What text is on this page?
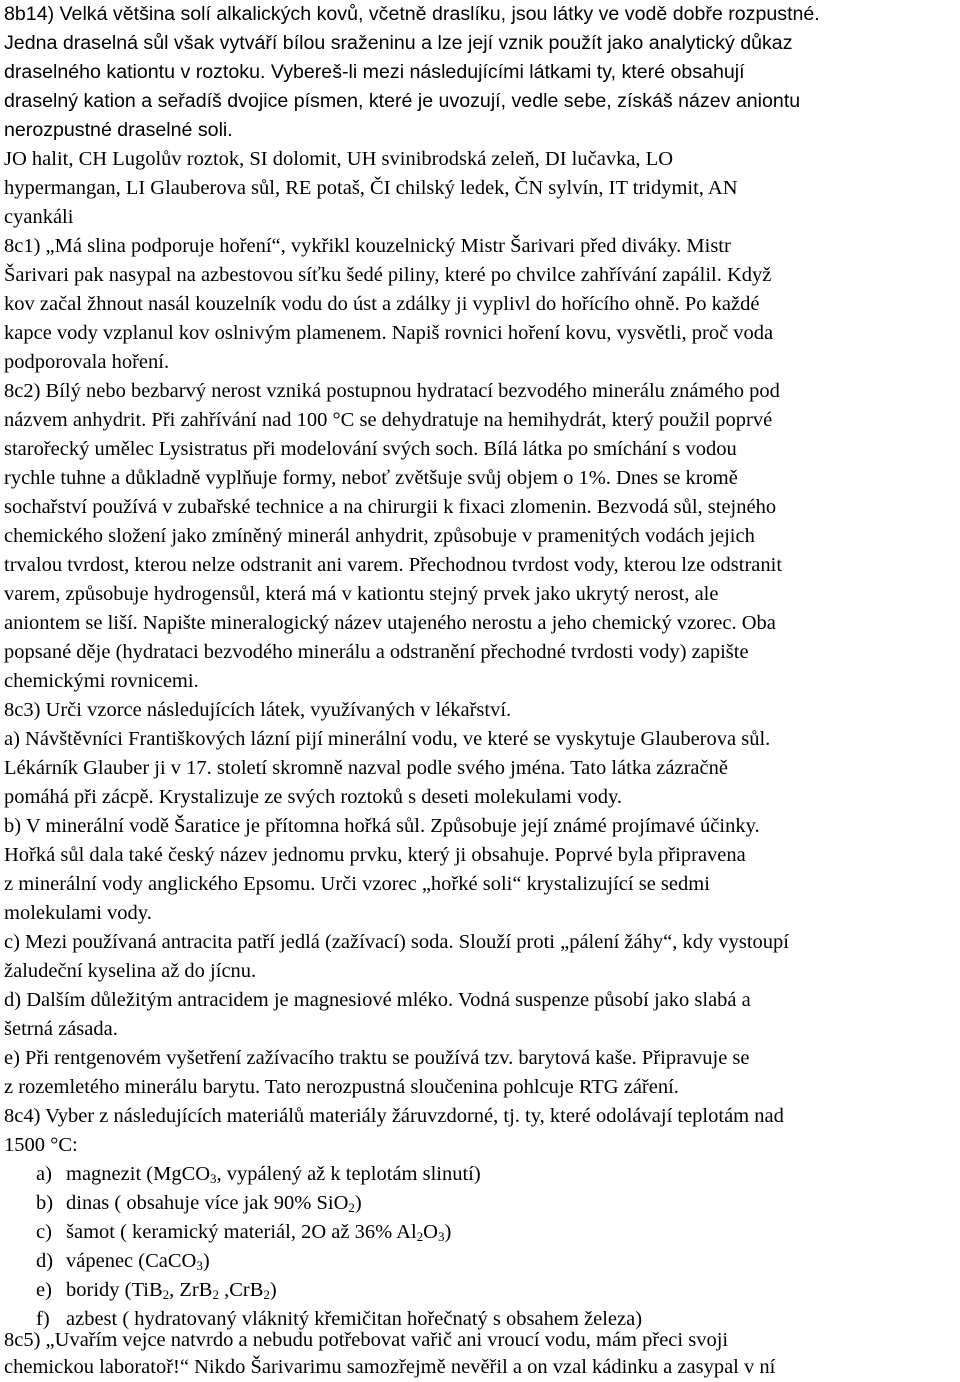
8b14) Velká většina solí alkalických kovů, včetně draslíku, jsou látky ve vodě dobře rozpustné.
Jedna draselná sůl však vytváří bílou sraženinu a lze její vznik použít jako analytický důkaz
draselného kationtu v roztoku. Vybereš-li mezi následujícími látkami ty, které obsahují
draselný kation a seřadíš dvojice písmen, které je uvozují, vedle sebe, získáš název aniontu
nerozpustné draselné soli.
JO halit, CH Lugolův roztok, SI dolomit, UH svinibrodská zeleň, DI lučavka, LO
hypermangan, LI Glauberova sůl, RE potaš, ČI chilský ledek, ČN sylvín, IT tridymit, AN
cyankáli
8c1) „Má slina podporuje hoření“, vykřikl kouzelnický Mistr Šarivari před diváky. Mistr
Šarivari pak nasypal na azbestovou síťku šedé piliny, které po chvilce zahřívání zapálil. Když
kov začal žhnout nasál kouzelník vodu do úst a zdálky ji vyplivl do hořícího ohně. Po každé
kapce vody vzplanul kov oslnivým plamenem. Napiš rovnici hoření kovu, vysvětli, proč voda
podporovala hoření.
8c2) Bílý nebo bezbarvý nerost vzniká postupnou hydratací bezvodého minerálu známého pod
názvem anhydrit. Při zahřívání nad 100 °C se dehydratuje na hemihydrát, který použil poprvé
starořecký umělec Lysistratus při modelování svých soch. Bílá látka po smíchání s vodou
rychle tuhne a důkladně vyplňuje formy, neboť zvětšuje svůj objem o 1%. Dnes se kromě
sochařství používá v zubařské technice a na chirurgii k fixaci zlomenin. Bezvodá sůl, stejného
chemického složení jako zmíněný minerál anhydrit, způsobuje v pramenitých vodách jejich
trvalou tvrdost, kterou nelze odstranit ani varem. Přechodnou tvrdost vody, kterou lze odstranit
varem, způsobuje hydrogensůl, která má v kationtu stejný prvek jako ukrytý nerost, ale
aniontem se liší. Napište mineralogický název utajeného nerostu a jeho chemický vzorec. Oba
popsané děje (hydrataci bezvodého minerálu a odstranění přechodné tvrdosti vody) zapište
chemickými rovnicemi.
8c3) Urči vzorce následujících látek, využívaných v lékařství.
a) Návštěvníci Františkových lázní pijí minerální vodu, ve které se vyskytuje Glauberova sůl.
Lékárník Glauber ji v 17. století skromně nazval podle svého jména. Tato látka zázračně
pomáhá při zácpě. Krystalizuje ze svých roztoků s deseti molekulami vody.
b) V minerální vodě Šaratice je přítomna hořká sůl. Způsobuje její známé projímavé účinky.
Hořká sůl dala také český název jednomu prvku, který ji obsahuje. Poprvé byla připravena
z minerální vody anglického Epsomu. Urči vzorec „hořké soli“ krystalizující se sedmi
molekulami vody.
c) Mezi používaná antracita patří jedlá (zažívací) soda. Slouží proti „pálení žáhy“, kdy vystoupí
žaludeční kyselina až do jícnu.
d) Dalším důležitým antracidem je magnesiové mléko. Vodná suspenze působí jako slabá a
šetrná zásada.
e) Při rentgenovém vyšetření zažívacího traktu se používá tzv. barytová kaše. Připravuje se
z rozemletého minerálu barytu. Tato nerozpustná sloučenina pohlcuje RTG záření.
8c4) Vyber z následujících materiálů materiály žáruvzdorné, tj. ty, které odolávají teplotám nad
1500 °C:
a) magnezit (MgCO$_3$, vypálený až k teplotám slinutí)
b) dinas ( obsahuje více jak 90% SiO$_2$)
c) šamot ( keramický materiál, 2O až 36% $Al_2O_3$)
d) vápenec (CaCO$_3$)
e) boridy (TiB$_2$, ZrB$_2$ ,CrB$_2$)
f) azbest ( hydratovaný vláknitý křemičitan hořečnatý s obsahem železa)
8c5) „Uvařím vejce natvrdo a nebudu potřebovat vařič ani vroucí vodu, mám přeci svoji
chemickou laboratoř!“ Nikdo Šarivarimu samozřejmě nevěřil a on vzal kádinku a zasypal v ní
